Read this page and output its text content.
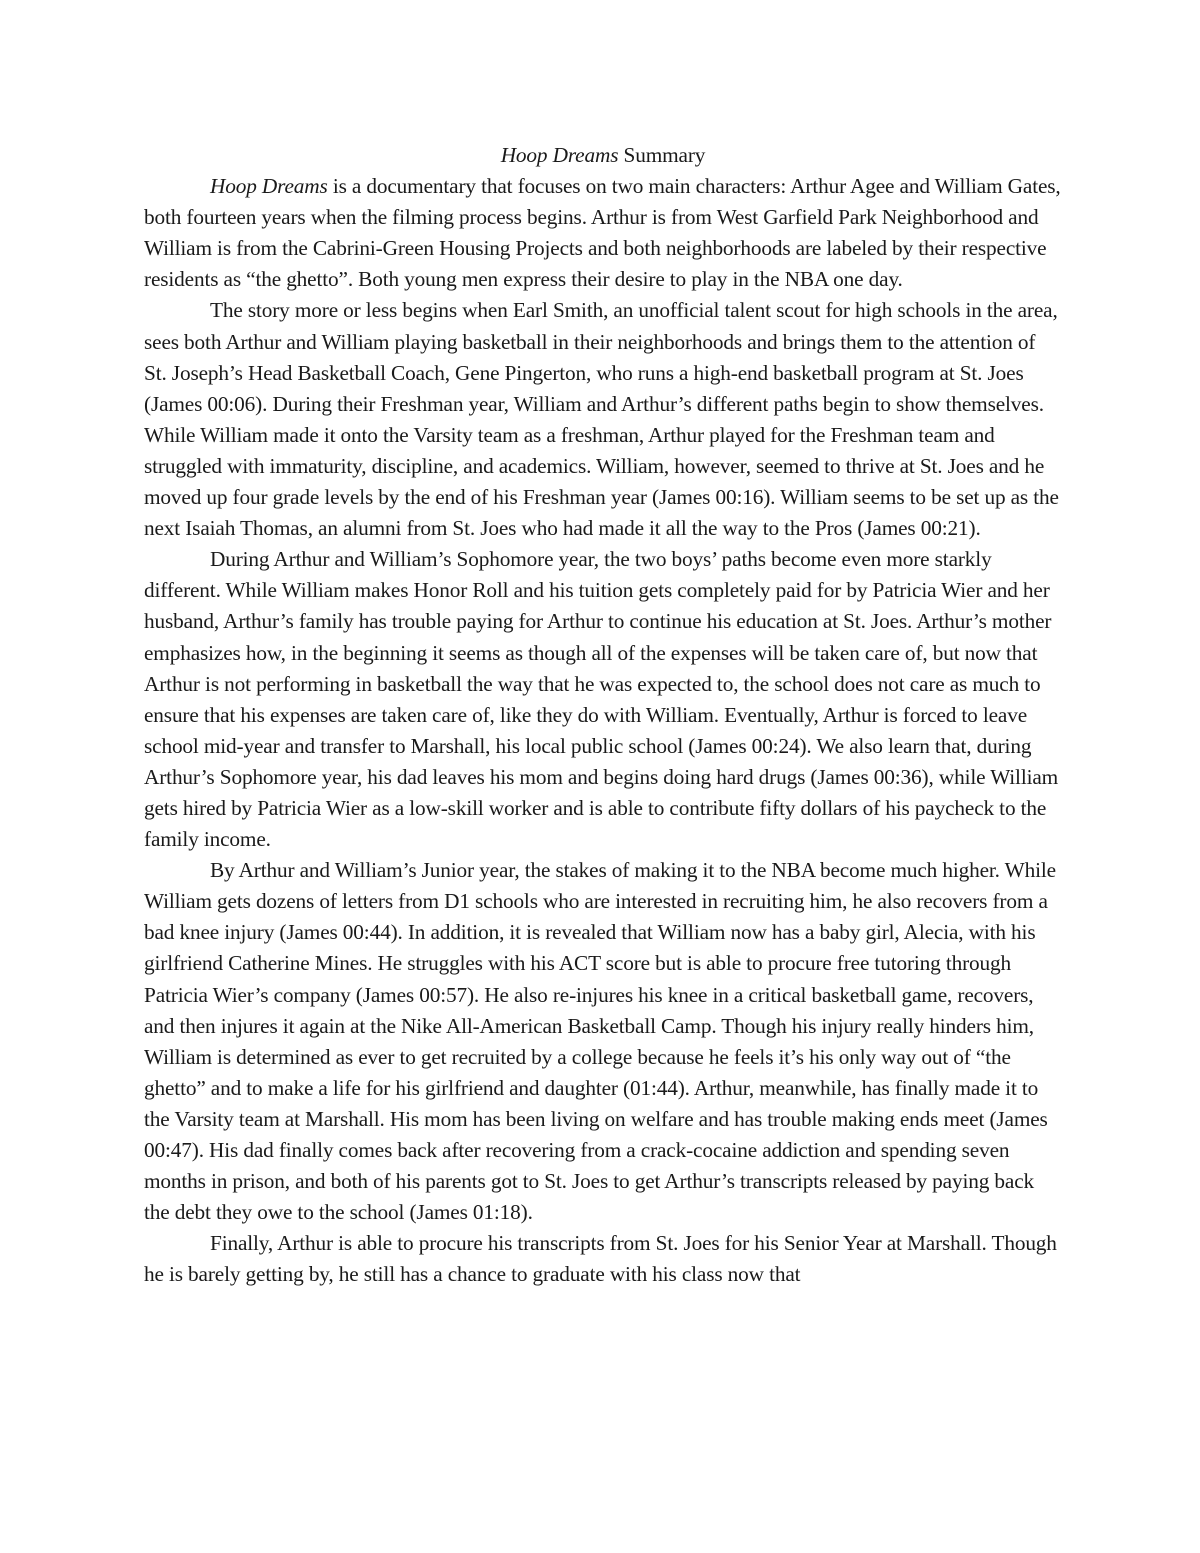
Hoop Dreams Summary

Hoop Dreams is a documentary that focuses on two main characters: Arthur Agee and William Gates, both fourteen years when the filming process begins. Arthur is from West Garfield Park Neighborhood and William is from the Cabrini-Green Housing Projects and both neighborhoods are labeled by their respective residents as “the ghetto”. Both young men express their desire to play in the NBA one day.

The story more or less begins when Earl Smith, an unofficial talent scout for high schools in the area, sees both Arthur and William playing basketball in their neighborhoods and brings them to the attention of St. Joseph’s Head Basketball Coach, Gene Pingerton, who runs a high-end basketball program at St. Joes (James 00:06). During their Freshman year, William and Arthur’s different paths begin to show themselves. While William made it onto the Varsity team as a freshman, Arthur played for the Freshman team and struggled with immaturity, discipline, and academics. William, however, seemed to thrive at St. Joes and he moved up four grade levels by the end of his Freshman year (James 00:16). William seems to be set up as the next Isaiah Thomas, an alumni from St. Joes who had made it all the way to the Pros (James 00:21).

During Arthur and William’s Sophomore year, the two boys’ paths become even more starkly different. While William makes Honor Roll and his tuition gets completely paid for by Patricia Wier and her husband, Arthur’s family has trouble paying for Arthur to continue his education at St. Joes. Arthur’s mother emphasizes how, in the beginning it seems as though all of the expenses will be taken care of, but now that Arthur is not performing in basketball the way that he was expected to, the school does not care as much to ensure that his expenses are taken care of, like they do with William. Eventually, Arthur is forced to leave school mid-year and transfer to Marshall, his local public school (James 00:24). We also learn that, during Arthur’s Sophomore year, his dad leaves his mom and begins doing hard drugs (James 00:36), while William gets hired by Patricia Wier as a low-skill worker and is able to contribute fifty dollars of his paycheck to the family income.

By Arthur and William’s Junior year, the stakes of making it to the NBA become much higher. While William gets dozens of letters from D1 schools who are interested in recruiting him, he also recovers from a bad knee injury (James 00:44). In addition, it is revealed that William now has a baby girl, Alecia, with his girlfriend Catherine Mines. He struggles with his ACT score but is able to procure free tutoring through Patricia Wier’s company (James 00:57). He also re-injures his knee in a critical basketball game, recovers, and then injures it again at the Nike All-American Basketball Camp. Though his injury really hinders him, William is determined as ever to get recruited by a college because he feels it’s his only way out of “the ghetto” and to make a life for his girlfriend and daughter (01:44). Arthur, meanwhile, has finally made it to the Varsity team at Marshall. His mom has been living on welfare and has trouble making ends meet (James 00:47). His dad finally comes back after recovering from a crack-cocaine addiction and spending seven months in prison, and both of his parents got to St. Joes to get Arthur’s transcripts released by paying back the debt they owe to the school (James 01:18).

Finally, Arthur is able to procure his transcripts from St. Joes for his Senior Year at Marshall. Though he is barely getting by, he still has a chance to graduate with his class now that
